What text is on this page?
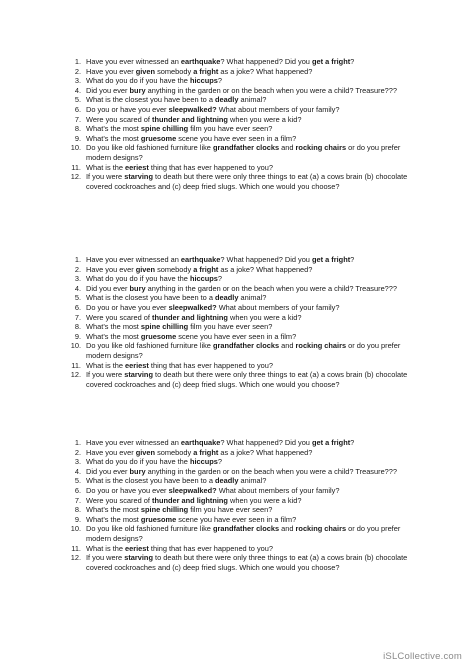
1. Have you ever witnessed an earthquake? What happened? Did you get a fright?
2. Have you ever given somebody a fright as a joke? What happened?
3. What do you do if you have the hiccups?
4. Did you ever bury anything in the garden or on the beach when you were a child? Treasure???
5. What is the closest you have been to a deadly animal?
6. Do you or have you ever sleepwalked? What about members of your family?
7. Were you scared of thunder and lightning when you were a kid?
8. What’s the most spine chilling film you have ever seen?
9. What’s the most gruesome scene you have ever seen in a film?
10. Do you like old fashioned furniture like grandfather clocks and rocking chairs or do you prefer modern designs?
11. What is the eeriest thing that has ever happened to you?
12. If you were starving to death but there were only three things to eat (a) a cows brain (b) chocolate covered cockroaches and (c) deep fried slugs. Which one would you choose?
1. Have you ever witnessed an earthquake? What happened? Did you get a fright?
2. Have you ever given somebody a fright as a joke? What happened?
3. What do you do if you have the hiccups?
4. Did you ever bury anything in the garden or on the beach when you were a child? Treasure???
5. What is the closest you have been to a deadly animal?
6. Do you or have you ever sleepwalked? What about members of your family?
7. Were you scared of thunder and lightning when you were a kid?
8. What’s the most spine chilling film you have ever seen?
9. What’s the most gruesome scene you have ever seen in a film?
10. Do you like old fashioned furniture like grandfather clocks and rocking chairs or do you prefer modern designs?
11. What is the eeriest thing that has ever happened to you?
12. If you were starving to death but there were only three things to eat (a) a cows brain (b) chocolate covered cockroaches and (c) deep fried slugs. Which one would you choose?
1. Have you ever witnessed an earthquake? What happened? Did you get a fright?
2. Have you ever given somebody a fright as a joke? What happened?
3. What do you do if you have the hiccups?
4. Did you ever bury anything in the garden or on the beach when you were a child? Treasure???
5. What is the closest you have been to a deadly animal?
6. Do you or have you ever sleepwalked? What about members of your family?
7. Were you scared of thunder and lightning when you were a kid?
8. What’s the most spine chilling film you have ever seen?
9. What’s the most gruesome scene you have ever seen in a film?
10. Do you like old fashioned furniture like grandfather clocks and rocking chairs or do you prefer modern designs?
11. What is the eeriest thing that has ever happened to you?
12. If you were starving to death but there were only three things to eat (a) a cows brain (b) chocolate covered cockroaches and (c) deep fried slugs. Which one would you choose?
iSLCollective.com
